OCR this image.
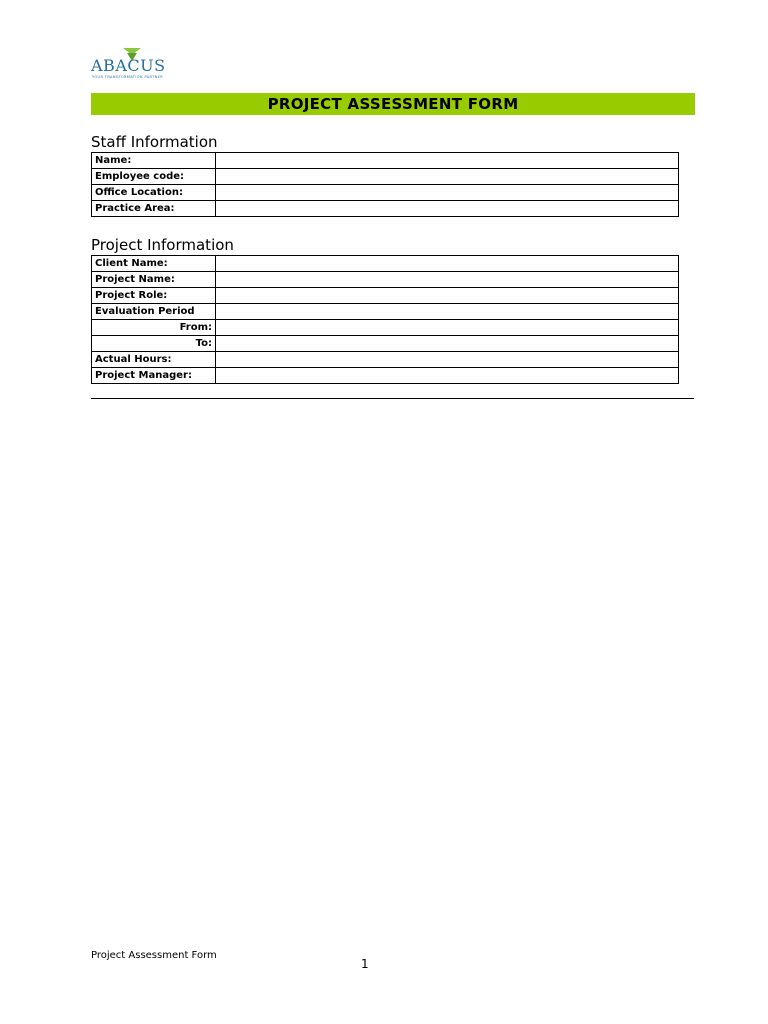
ABACUS
YOUR TRANSFORMATION PARTNER
PROJECT ASSESSMENT FORM
Staff Information
Name:	
Employee code:	
Office Location:	
Practice Area:	
Project Information
Client Name:	
Project Name:	
Project Role:	
Evaluation Period	
From:	
To:	
Actual Hours:	
Project Manager:	
Project Assessment Form
1
